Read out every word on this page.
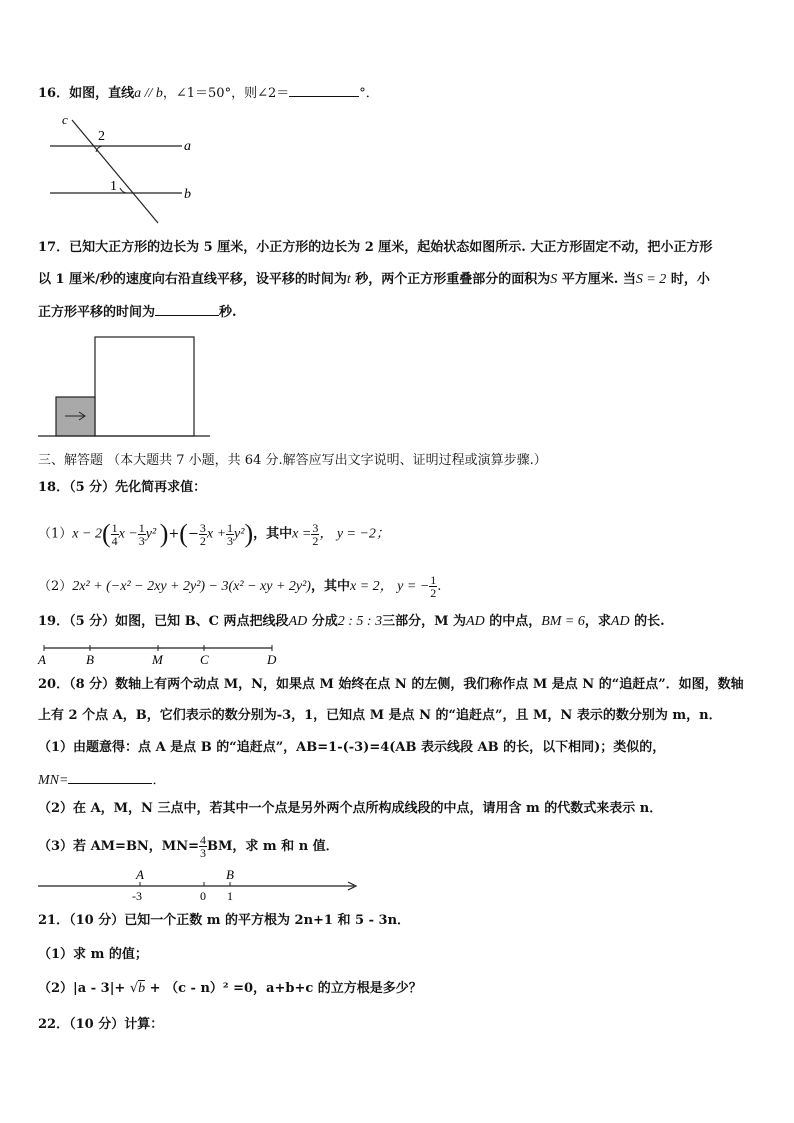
16．如图，直线a // b，∠1＝50°，则∠2＝	°．
c
2
a
1
b
17．已知大正方形的边长为 5 厘米，小正方形的边长为 2 厘米，起始状态如图所示. 大正方形固定不动，把小正方形
以 1 厘米/秒的速度向右沿直线平移，设平移的时间为t 秒，两个正方形重叠部分的面积为S 平方厘米. 当S = 2 时，小
正方形平移的时间为	秒.
三、解答题 （本大题共 7 小题，共 64 分.解答应写出文字说明、证明过程或演算步骤.）
18．（5 分）先化简再求值：
$(1)x - 2( \frac{1}{4}$ $x - \frac{1}{3} y^2$ )+(− $\frac{3}{2}$ $x + \frac{1}{3} y^2$)，其中$x = \frac{3}{2}$ ， y = −2；
（2）2x² + (−x² − 2xy + 2y²) − 3(x² − xy + 2y²)，其中x = 2， y = − $\frac{1}{2}$ .
19．（5 分）如图，已知 B、C 两点把线段AD 分成2 : 5 : 3三部分，M 为AD 的中点，BM = 6，求AD 的长.
A	B	M	C	D
20．（8 分）数轴上有两个动点 M，N，如果点 M 始终在点 N 的左侧，我们称作点 M 是点 N 的“追赶点”．如图，数轴
上有 2 个点 A，B，它们表示的数分别为-3，1，已知点 M 是点 N 的“追赶点”，且 M，N 表示的数分别为 m，n．
（1）由题意得：点 A 是点 B 的“追赶点”，AB=1-(-3)=4(AB 表示线段 AB 的长，以下相同)；类似的，
MN=	．
（2）在 A，M，N 三点中，若其中一个点是另外两个点所构成线段的中点，请用含 m 的代数式来表示 n．
（3）若 AM=BN，$MN= \frac{4}{3}$ BM，求 m 和 n 值．
A	B
-3	0 1
21．（10 分）已知一个正数 m 的平方根为 2n+1 和 5 - 3n．
（1）求 m 的值；
（2）|a - 3|+ √b + （c - n）² =0，a+b+c 的立方根是多少？
22．（10 分）计算：
